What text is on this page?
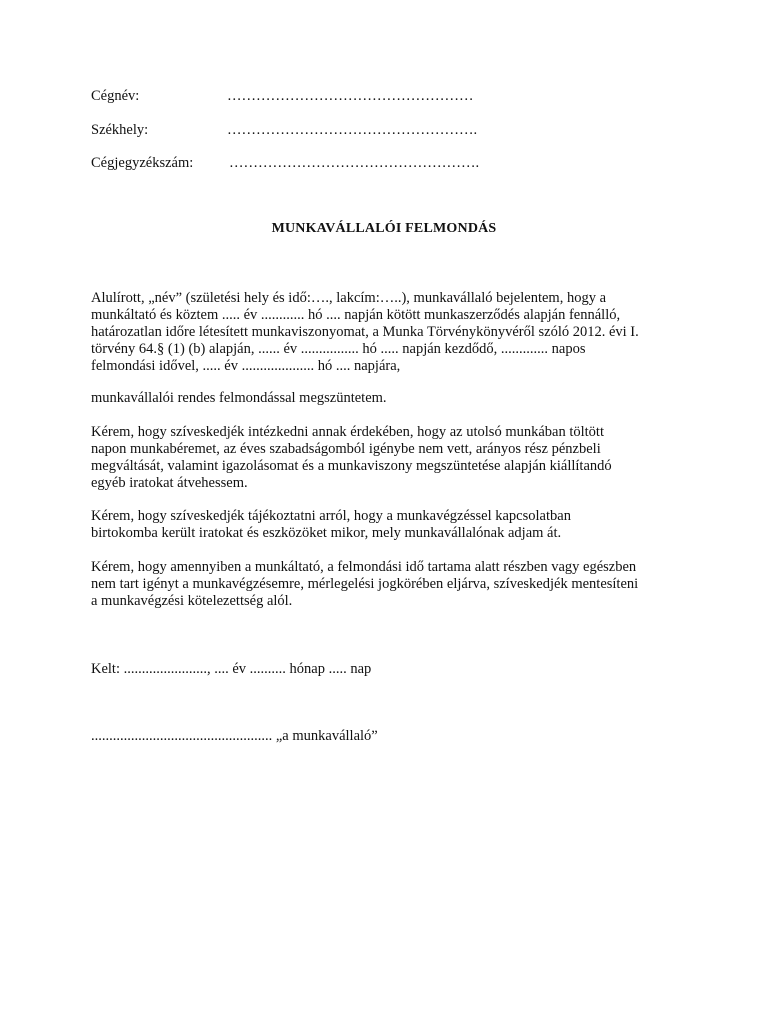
Cégnév:	……………………………………………
Székhely:	…………………………………………….
Cégjegyzékszám: …………………………………………….
MUNKAVÁLLALÓI FELMONDÁS
Alulírott, „név” (születési hely és idő:…., lakcím:…..), munkavállaló bejelentem, hogy a
munkáltató és köztem ..... év ............ hó .... napján kötött munkaszerződés alapján fennálló,
határozatlan időre létesített munkaviszonyomat, a Munka Törvénykönyvéről szóló 2012. évi I.
törvény 64.§ (1) (b) alapján, ...... év ................ hó ..... napján kezdődő, ............. napos
felmondási idővel, ..... év .................... hó .... napjára,
munkavállalói rendes felmondással megszüntetem.
Kérem, hogy szíveskedjék intézkedni annak érdekében, hogy az utolsó munkában töltött
napon munkabéremet, az éves szabadságomból igénybe nem vett, arányos rész pénzbeli
megváltását, valamint igazolásomat és a munkaviszony megszüntetése alapján kiállítandó
egyéb iratokat átvehessem.
Kérem, hogy szíveskedjék tájékoztatni arról, hogy a munkavégzéssel kapcsolatban
birtokomba került iratokat és eszközöket mikor, mely munkavállalónak adjam át.
Kérem, hogy amennyiben a munkáltató, a felmondási idő tartama alatt részben vagy egészben
nem tart igényt a munkavégzésemre, mérlegelési jogkörében eljárva, szíveskedjék mentesíteni
a munkavégzési kötelezettség alól.
Kelt: ......................., .... év .......... hónap ..... nap
.................................................. „a munkavállaló”
